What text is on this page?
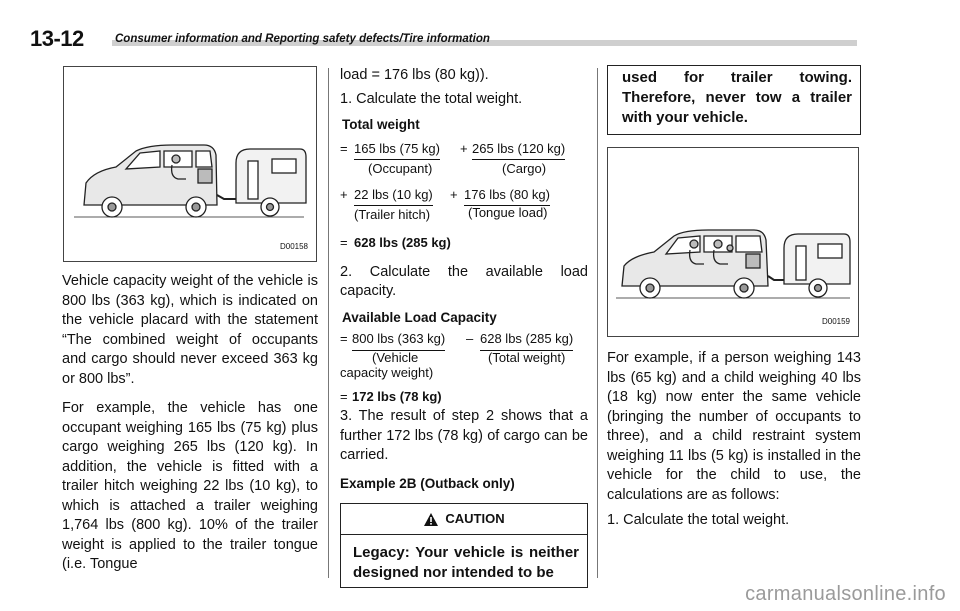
13-12	Consumer information and Reporting safety defects/Tire information
D00158

Vehicle capacity weight of the vehicle is 800 lbs (363 kg), which is indicated on the vehicle placard with the statement “The combined weight of occupants and cargo should never exceed 363 kg or 800 lbs”.

For example, the vehicle has one occupant weighing 165 lbs (75 kg) plus cargo weighing 265 lbs (120 kg). In addition, the vehicle is fitted with a trailer hitch weighing 22 lbs (10 kg), to which is attached a trailer weighing 1,764 lbs (800 kg). 10% of the trailer weight is applied to the trailer tongue (i.e. Tongue

load = 176 lbs (80 kg)).

1. Calculate the total weight.

Total weight
= 165 lbs (75 kg)
(Occupant)
+ 265 lbs (120 kg)
(Cargo)
+ 22 lbs (10 kg)
(Trailer hitch)
+ 176 lbs (80 kg)
(Tongue load)
= 628 lbs (285 kg)

2. Calculate the available load capacity.

Available Load Capacity
= 800 lbs (363 kg)
(Vehicle
capacity weight)
– 628 lbs (285 kg)
(Total weight)
= 172 lbs (78 kg)

3. The result of step 2 shows that a further 172 lbs (78 kg) of cargo can be carried.

Example 2B (Outback only)

CAUTION
Legacy: Your vehicle is neither designed nor intended to be
used for trailer towing. Therefore, never tow a trailer with your vehicle.
D00159

For example, if a person weighing 143 lbs (65 kg) and a child weighing 40 lbs (18 kg) now enter the same vehicle (bringing the number of occupants to three), and a child restraint system weighing 11 lbs (5 kg) is installed in the vehicle for the child to use, the calculations are as follows:

1. Calculate the total weight.

carmanualsonline.info
